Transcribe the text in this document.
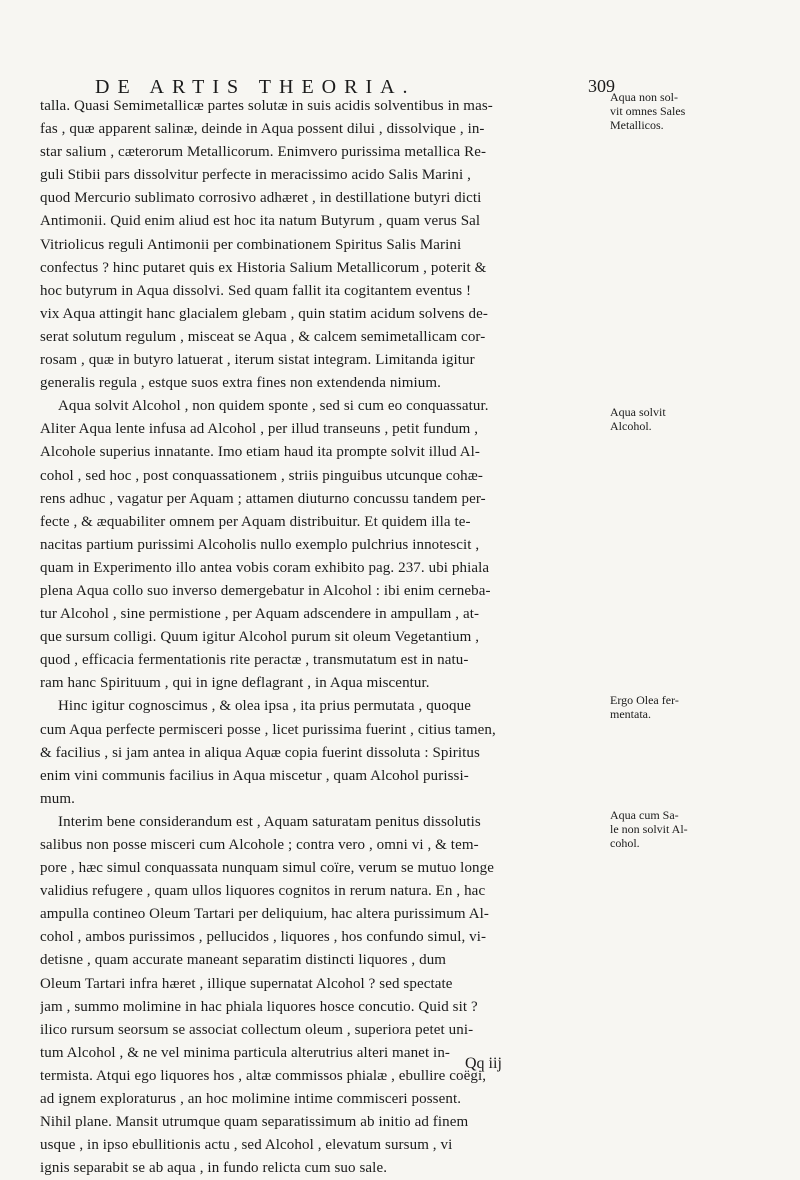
DE ARTIS THEORIA.	309
talla. Quasi Semimetallicæ partes solutæ in suis acidis solventibus in mas-
fas , quæ apparent salinæ, deinde in Aqua possent dilui , dissolvique , in-
star salium , cæterorum Metallicorum. Enimvero purissima metallica Re-
guli Stibii pars dissolvitur perfecte in meracissimo acido Salis Marini ,
quod Mercurio sublimato corrosivo adhæret , in destillatione butyri dicti
Antimonii. Quid enim aliud est hoc ita natum Butyrum , quam verus Sal
Vitriolicus reguli Antimonii per combinationem Spiritus Salis Marini
confectus ? hinc putaret quis ex Historia Salium Metallicorum , poterit &
hoc butyrum in Aqua dissolvi. Sed quam fallit ita cogitantem eventus !
vix Aqua attingit hanc glacialem glebam , quin statim acidum solvens de-
serat solutum regulum , misceat se Aqua , & calcem semimetallicam cor-
rosam , quæ in butyro latuerat , iterum sistat integram. Limitanda igitur
generalis regula , estque suos extra fines non extendenda nimium.
Aqua solvit Alcohol , non quidem sponte , sed si cum eo conquassatur.
Aliter Aqua lente infusa ad Alcohol , per illud transeuns , petit fundum ,
Alcohole superius innatante. Imo etiam haud ita prompte solvit illud Al-
cohol , sed hoc , post conquassationem , striis pinguibus utcunque cohæ-
rens adhuc , vagatur per Aquam ; attamen diuturno concussu tandem per-
fecte , & æquabiliter omnem per Aquam distribuitur. Et quidem illa te-
nacitas partium purissimi Alcoholis nullo exemplo pulchrius innotescit ,
quam in Experimento illo antea vobis coram exhibito pag. 237. ubi phiala
plena Aqua collo suo inverso demergebatur in Alcohol : ibi enim cerneba-
tur Alcohol , sine permistione , per Aquam adscendere in ampullam , at-
que sursum colligi. Quum igitur Alcohol purum sit oleum Vegetantium ,
quod , efficacia fermentationis rite peractæ , transmutatum est in natu-
ram hanc Spirituum , qui in igne deflagrant , in Aqua miscentur.
Hinc igitur cognoscimus , & olea ipsa , ita prius permutata , quoque
cum Aqua perfecte permisceri posse , licet purissima fuerint , citius tamen,
& facilius , si jam antea in aliqua Aquæ copia fuerint dissoluta : Spiritus
enim vini communis facilius in Aqua miscetur , quam Alcohol purissi-
mum.
Interim bene considerandum est , Aquam saturatam penitus dissolutis
salibus non posse misceri cum Alcohole ; contra vero , omni vi , & tem-
pore , hæc simul conquassata nunquam simul coïre, verum se mutuo longe
validius refugere , quam ullos liquores cognitos in rerum natura. En , hac
ampulla contineo Oleum Tartari per deliquium, hac altera purissimum Al-
cohol , ambos purissimos , pellucidos , liquores , hos confundo simul, vi-
detisne , quam accurate maneant separatim distincti liquores , dum
Oleum Tartari infra hæret , illique supernatat Alcohol ? sed spectate
jam , summo molimine in hac phiala liquores hosce concutio. Quid sit ?
ilico rursum seorsum se associat collectum oleum , superiora petet uni-
tum Alcohol , & ne vel minima particula alterutrius alteri manet in-
termista. Atqui ego liquores hos , altæ commissos phialæ , ebullire coëgi,
ad ignem exploraturus , an hoc molimine intime commisceri possent.
Nihil plane. Mansit utrumque quam separatissimum ab initio ad finem
usque , in ipso ebullitionis actu , sed Alcohol , elevatum sursum , vi
ignis separabit se ab aqua , in fundo relicta cum suo sale.
Aqua non sol-
vit omnes Sales
Metallicos.
Aqua solvit
Alcohol.
Ergo Olea fer-
mentata.
Aqua cum Sa-
le non solvit Al-
cohol.
Qq iij
